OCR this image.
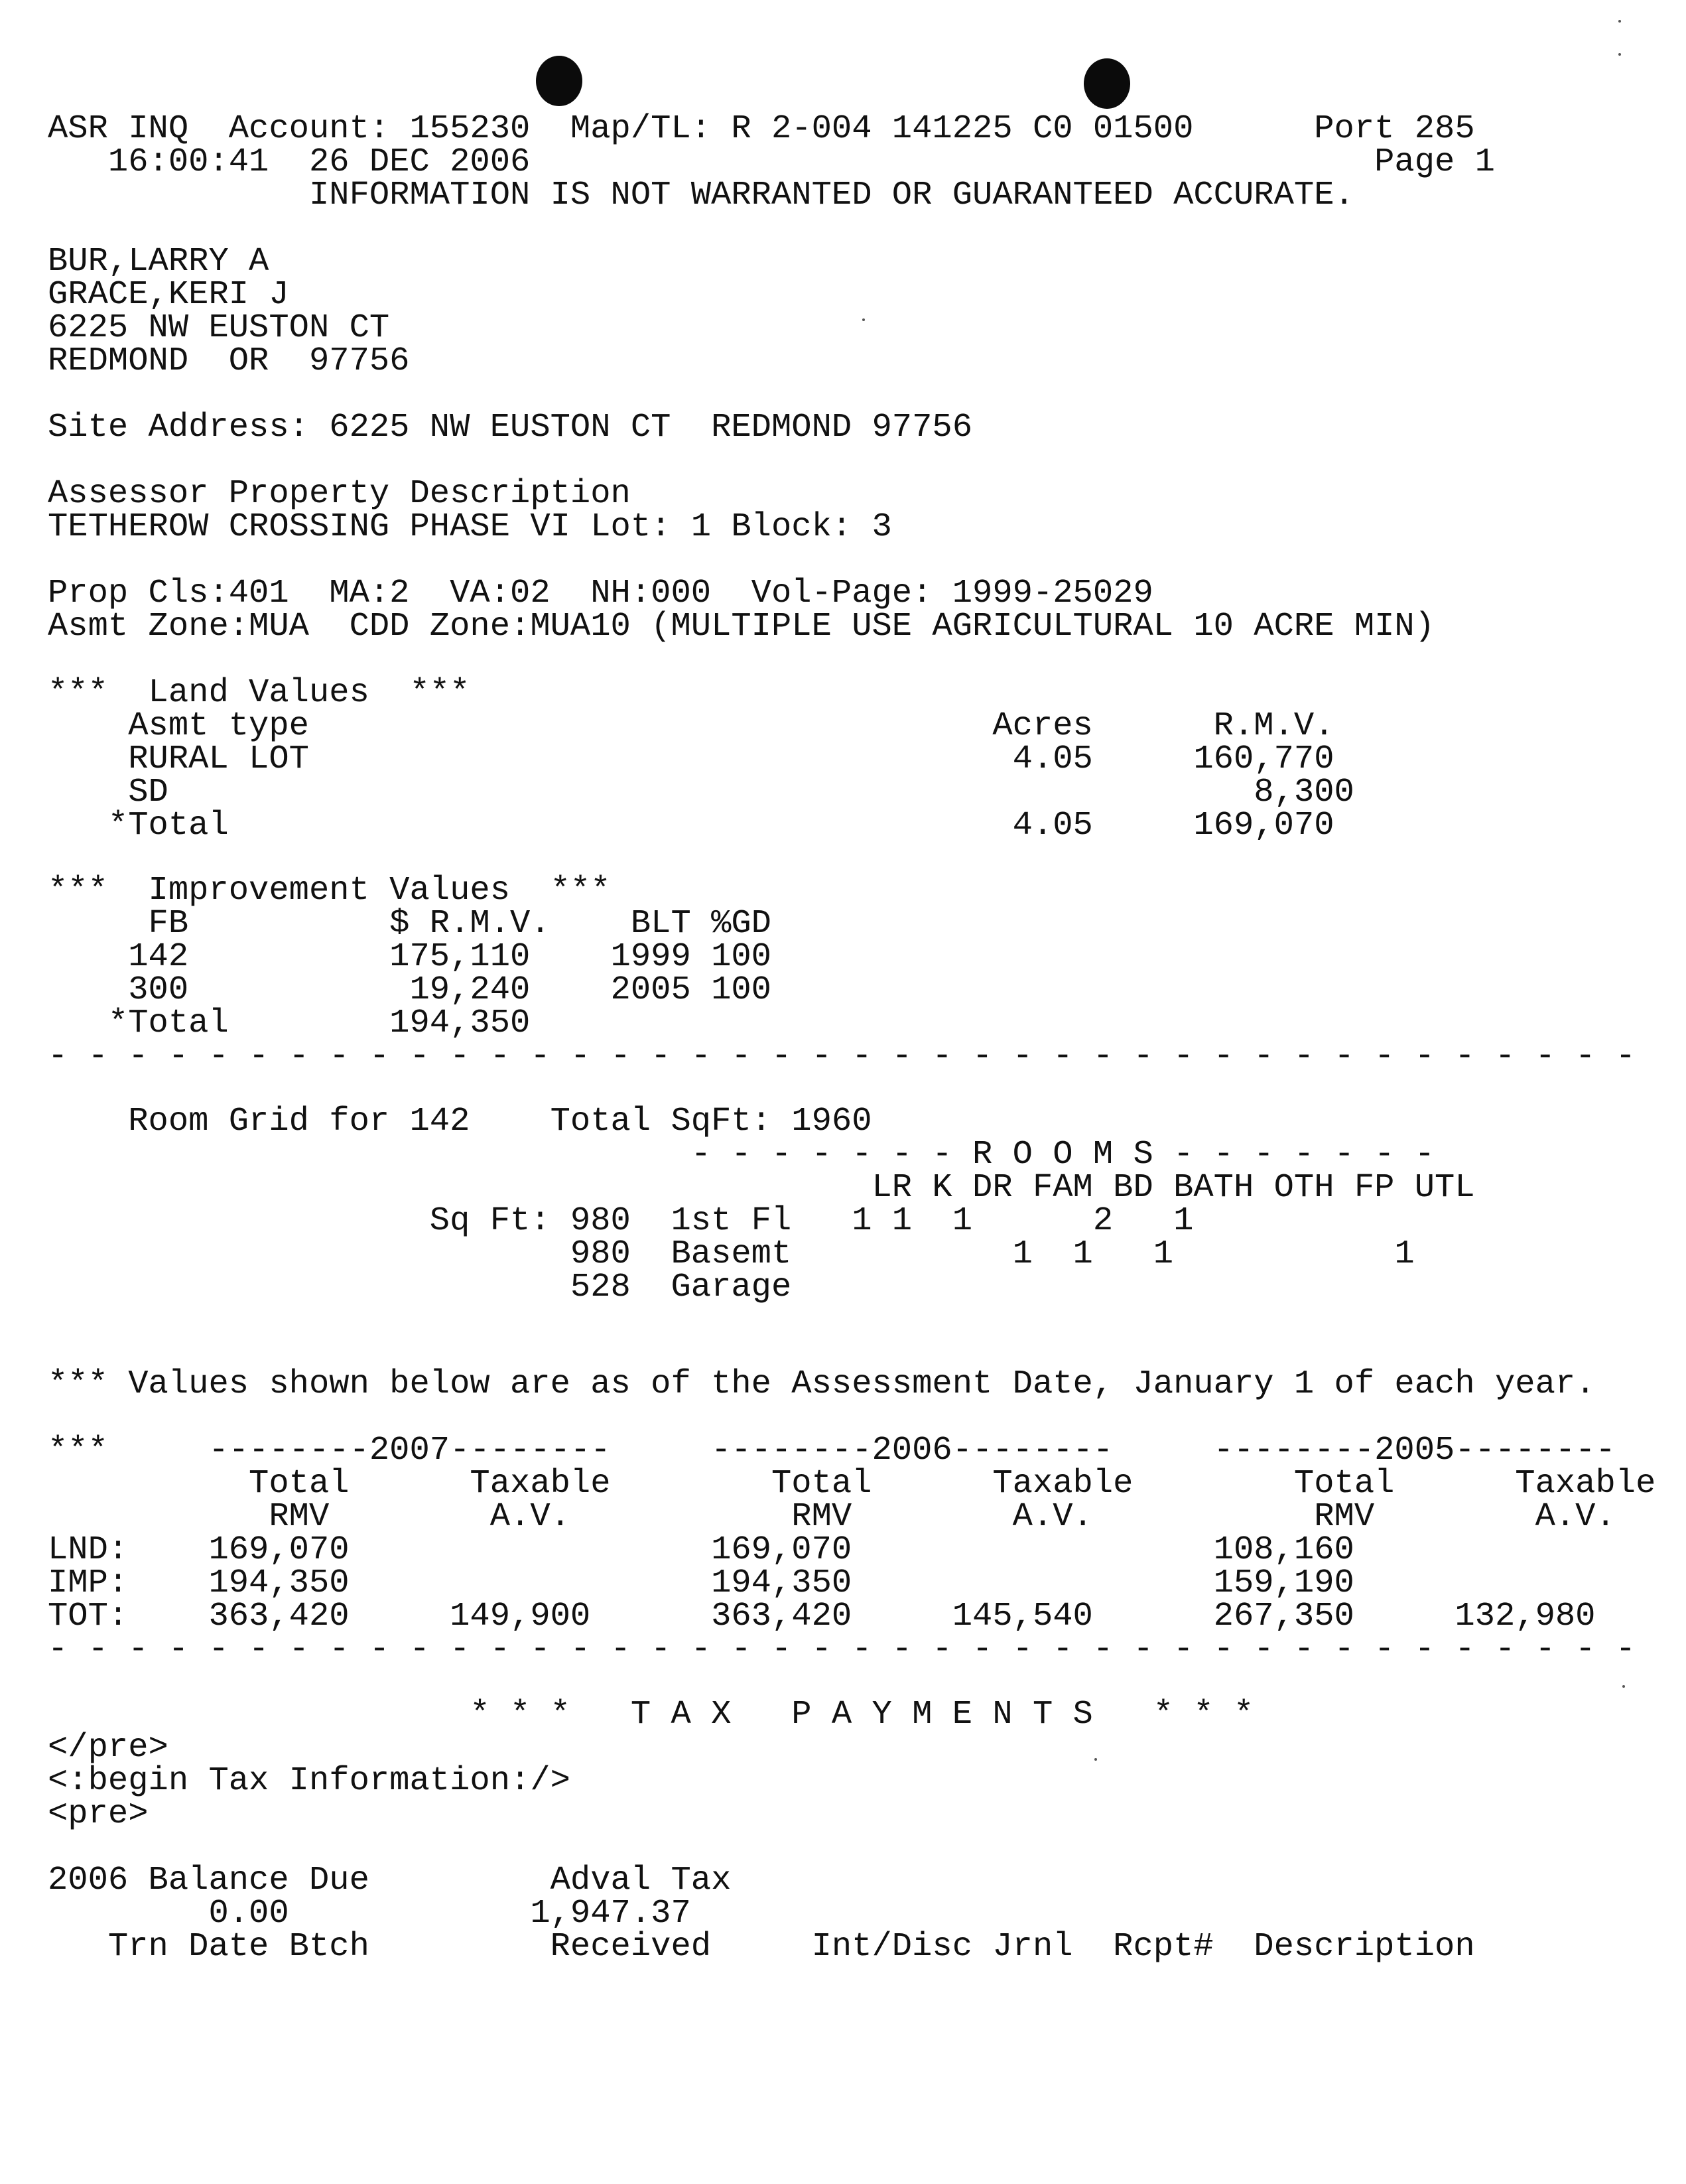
ASR INQ  Account: 155230  Map/TL: R 2-004 141225 C0 01500      Port 285
16:00:41  26 DEC 2006                                          Page 1
INFORMATION IS NOT WARRANTED OR GUARANTEED ACCURATE.
BUR,LARRY A
GRACE,KERI J
6225 NW EUSTON CT
REDMOND  OR  97756
Site Address: 6225 NW EUSTON CT  REDMOND 97756
Assessor Property Description
TETHEROW CROSSING PHASE VI Lot: 1 Block: 3
Prop Cls:401  MA:2  VA:02  NH:000  Vol-Page: 1999-25029
Asmt Zone:MUA  CDD Zone:MUA10 (MULTIPLE USE AGRICULTURAL 10 ACRE MIN)
***  Land Values  ***
Asmt type                                  Acres      R.M.V.
RURAL LOT                                   4.05     160,770
SD                                                      8,300
*Total                                       4.05     169,070
***  Improvement Values  ***
FB          $ R.M.V.    BLT %GD
142          175,110    1999 100
300           19,240    2005 100
*Total        194,350
- - - - - - - - - - - - - - - - - - - - - - - - - - - - - - - - - - - - - - - -
Room Grid for 142    Total SqFt: 1960
- - - - - - - R O O M S - - - - - - -
LR K DR FAM BD BATH OTH FP UTL
Sq Ft: 980  1st Fl   1 1  1      2   1
980  Basemt           1  1   1           1
528  Garage
*** Values shown below are as of the Assessment Date, January 1 of each year.
***     --------2007--------     --------2006--------     --------2005--------
Total      Taxable        Total      Taxable        Total      Taxable
RMV        A.V.           RMV        A.V.           RMV        A.V.
LND:    169,070                  169,070                  108,160
IMP:    194,350                  194,350                  159,190
TOT:    363,420     149,900      363,420     145,540      267,350     132,980
- - - - - - - - - - - - - - - - - - - - - - - - - - - - - - - - - - - - - - - -
* * *   T A X   P A Y M E N T S   * * *
</pre>
<:begin Tax Information:/>
<pre>
2006 Balance Due         Adval Tax
0.00            1,947.37
Trn Date Btch         Received     Int/Disc Jrnl  Rcpt#  Description
